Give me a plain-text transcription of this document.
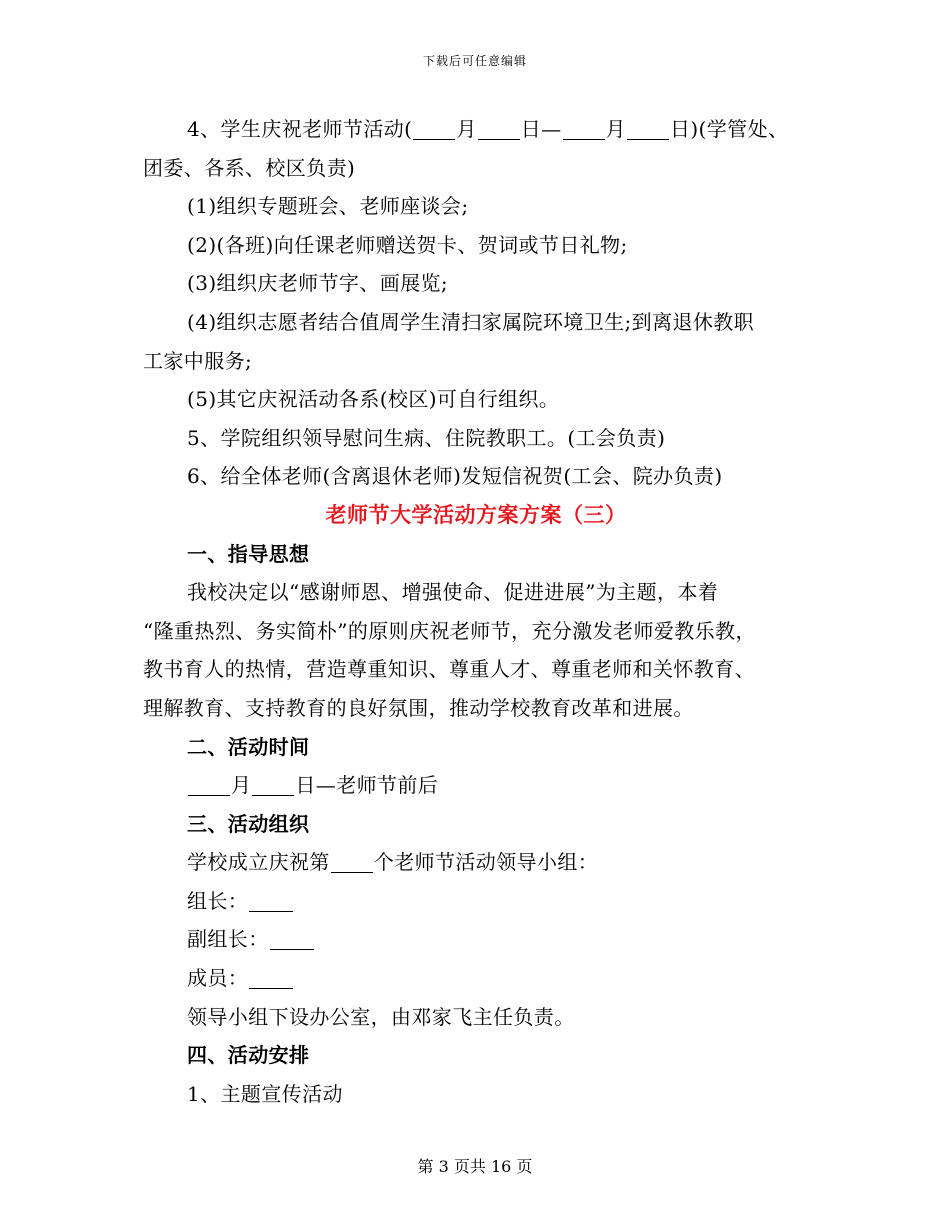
下载后可任意编辑

4、学生庆祝老师节活动( 月 日— 月 日)(学管处、

团委、各系、校区负责)

(1)组织专题班会、老师座谈会;

(2)(各班)向任课老师赠送贺卡、贺词或节日礼物;

(3)组织庆老师节字、画展览;

(4)组织志愿者结合值周学生清扫家属院环境卫生;到离退休教职

工家中服务;

(5)其它庆祝活动各系(校区)可自行组织。

5、学院组织领导慰问生病、住院教职工。(工会负责)

6、给全体老师(含离退休老师)发短信祝贺(工会、院办负责)

老师节大学活动方案方案（三）

一、指导思想

我校决定以“感谢师恩、增强使命、促进进展”为主题，本着

“隆重热烈、务实简朴”的原则庆祝老师节，充分激发老师爱教乐教，

教书育人的热情，营造尊重知识、尊重人才、尊重老师和关怀教育、

理解教育、支持教育的良好氛围，推动学校教育改革和进展。

二、活动时间

月 日—老师节前后

三、活动组织

学校成立庆祝第 个老师节活动领导小组：

组长：

副组长：

成员：

领导小组下设办公室，由邓家飞主任负责。

四、活动安排

1、主题宣传活动

第 3 页共 16 页
